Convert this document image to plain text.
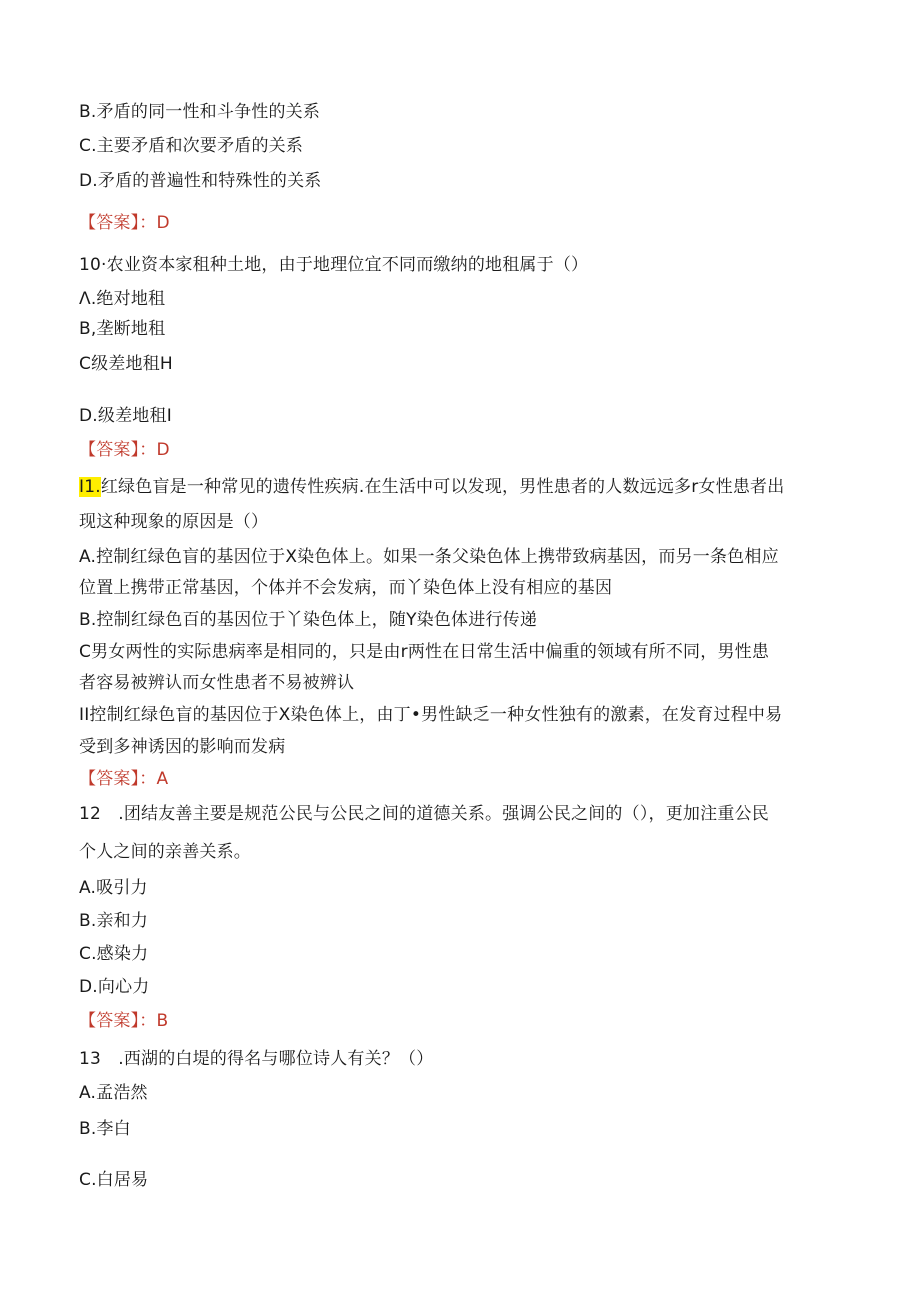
B.矛盾的同一性和斗争性的关系
C.主要矛盾和次要矛盾的关系
D.矛盾的普遍性和特殊性的关系
【答案】：D
10·农业资本家租种土地，由于地理位宜不同而缴纳的地租属于（）
Λ.绝对地租
B,垄断地租
C级差地租H
D.级差地租I
【答案】：D
I1.红绿色盲是一种常见的遗传性疾病.在生活中可以发现，男性患者的人数远远多r女性患者出
现这种现象的原因是（）
A.控制红绿色盲的基因位于X染色体上。如果一条父染色体上携带致病基因，而另一条色相应
位置上携带正常基因，个体并不会发病，而丫染色体上没有相应的基因
B.控制红绿色百的基因位于丫染色体上，随Y染色体进行传递
C男女两性的实际患病率是相同的，只是由r两性在日常生活中偏重的领域有所不同，男性患
者容易被辨认而女性患者不易被辨认
II控制红绿色盲的基因位于X染色体上，由丁•男性缺乏一种女性独有的激素，在发育过程中易
受到多神诱因的影响而发病
【答案】：A
12　.团结友善主要是规范公民与公民之间的道德关系。强调公民之间的（），更加注重公民
个人之间的亲善关系。
A.吸引力
B.亲和力
C.感染力
D.向心力
【答案】：B
13　.西湖的白堤的得名与哪位诗人有关？（）
A.孟浩然
B.李白
C.白居易
